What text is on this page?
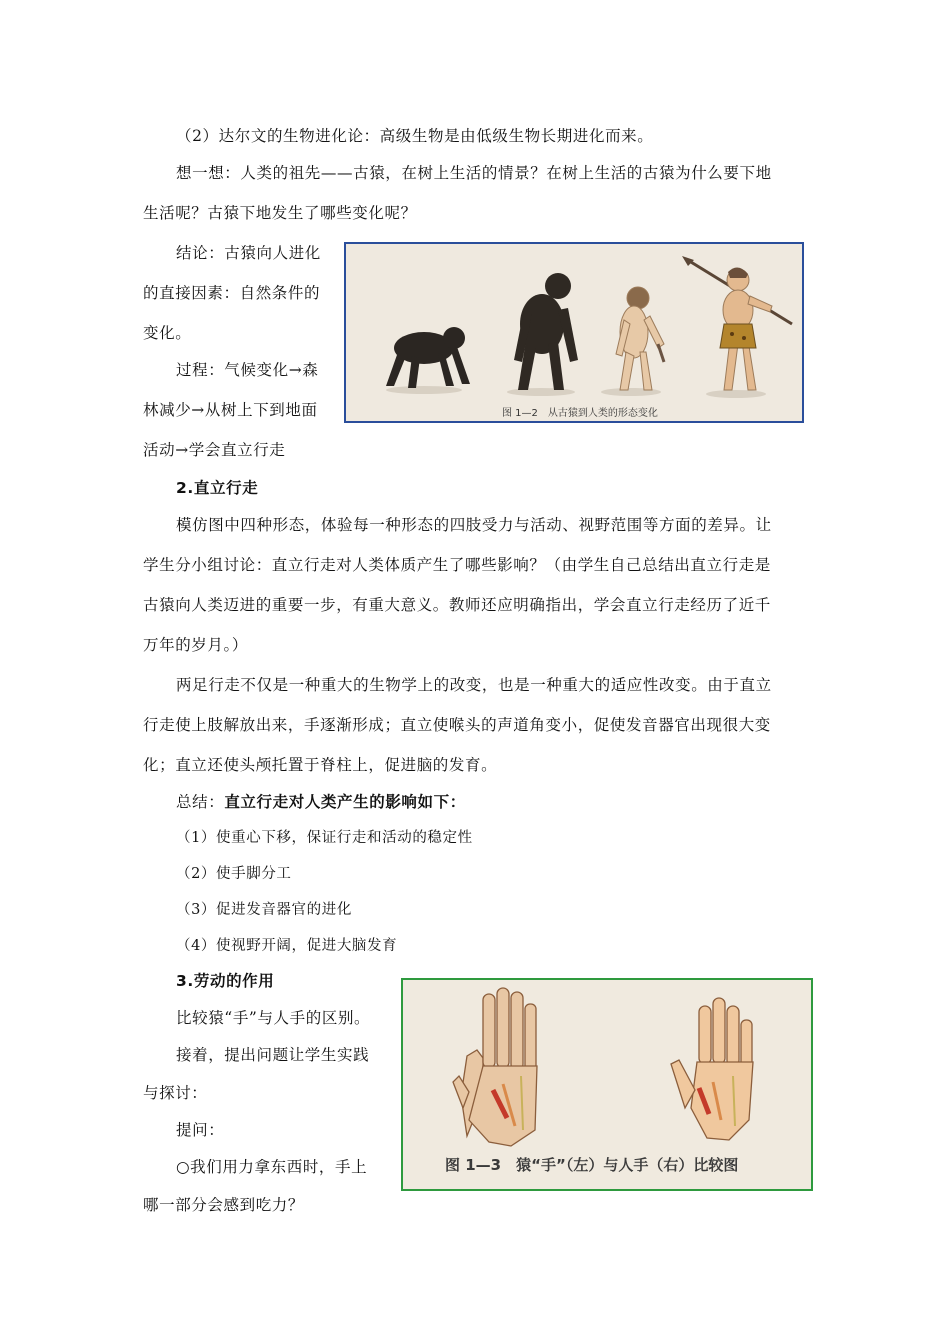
（2）达尔文的生物进化论：高级生物是由低级生物长期进化而来。
想一想：人类的祖先——古猿，在树上生活的情景？在树上生活的古猿为什么要下地
生活呢？古猿下地发生了哪些变化呢？
结论：古猿向人进化
的直接因素：自然条件的
变化。
过程：气候变化→森
林减少→从树上下到地面
活动→学会直立行走
图 1—2　从古猿到人类的形态变化
2.直立行走
模仿图中四种形态，体验每一种形态的四肢受力与活动、视野范围等方面的差异。让
学生分小组讨论：直立行走对人类体质产生了哪些影响？（由学生自己总结出直立行走是
古猿向人类迈进的重要一步，有重大意义。教师还应明确指出，学会直立行走经历了近千
万年的岁月。）
两足行走不仅是一种重大的生物学上的改变，也是一种重大的适应性改变。由于直立
行走使上肢解放出来，手逐渐形成；直立使喉头的声道角变小，促使发音器官出现很大变
化；直立还使头颅托置于脊柱上，促进脑的发育。
总结：直立行走对人类产生的影响如下：
（1）使重心下移，保证行走和活动的稳定性
（2）使手脚分工
（3）促进发音器官的进化
（4）使视野开阔，促进大脑发育
3.劳动的作用
比较猿“手”与人手的区别。
接着，提出问题让学生实践
与探讨：
提问：
○我们用力拿东西时，手上
哪一部分会感到吃力？
图 1—3　猿“手”（左）与人手（右）比较图
